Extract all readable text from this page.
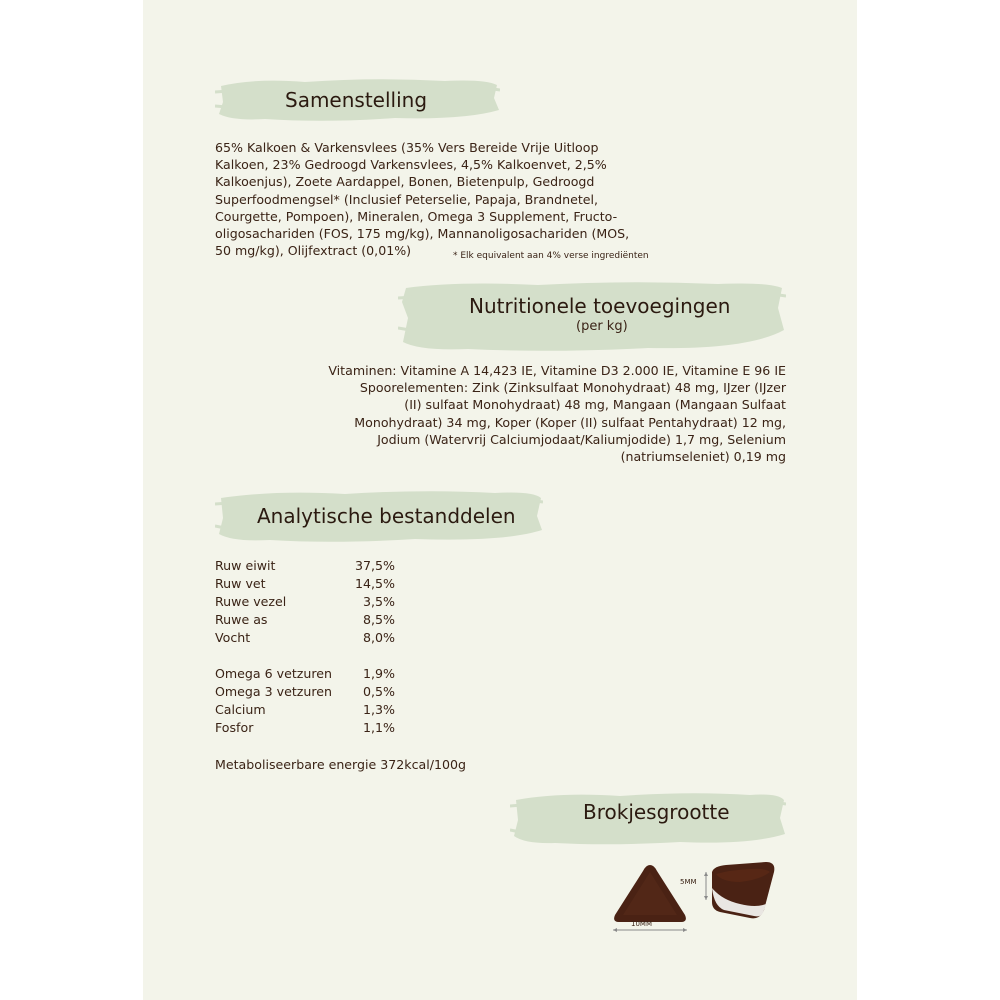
Samenstelling
65% Kalkoen & Varkensvlees (35% Vers Bereide Vrije Uitloop
Kalkoen, 23% Gedroogd Varkensvlees, 4,5% Kalkoenvet, 2,5%
Kalkoenjus), Zoete Aardappel, Bonen, Bietenpulp, Gedroogd
Superfoodmengsel* (Inclusief Peterselie, Papaja, Brandnetel,
Courgette, Pompoen), Mineralen, Omega 3 Supplement, Fructo-
oligosachariden (FOS, 175 mg/kg), Mannanoligosachariden (MOS,
50 mg/kg), Olijfextract (0,01%)	* Elk equivalent aan 4% verse ingrediënten
Nutritionele toevoegingen
(per kg)
Vitaminen: Vitamine A 14,423 IE, Vitamine D3 2.000 IE, Vitamine E 96 IE
Spoorelementen: Zink (Zinksulfaat Monohydraat) 48 mg, IJzer (IJzer
(II) sulfaat Monohydraat) 48 mg, Mangaan (Mangaan Sulfaat
Monohydraat) 34 mg, Koper (Koper (II) sulfaat Pentahydraat) 12 mg,
Jodium (Watervrij Calciumjodaat/Kaliumjodide) 1,7 mg, Selenium
(natriumseleniet) 0,19 mg
Analytische bestanddelen
Ruw eiwit	37,5%
Ruw vet	14,5%
Ruwe vezel	3,5%
Ruwe as	8,5%
Vocht	8,0%
Omega 6 vetzuren 1,9%
Omega 3 vetzuren 0,5%
Calcium	1,3%
Fosfor	1,1%
Metaboliseerbare energie 372kcal/100g
Brokjesgrootte
10MM
5MM
